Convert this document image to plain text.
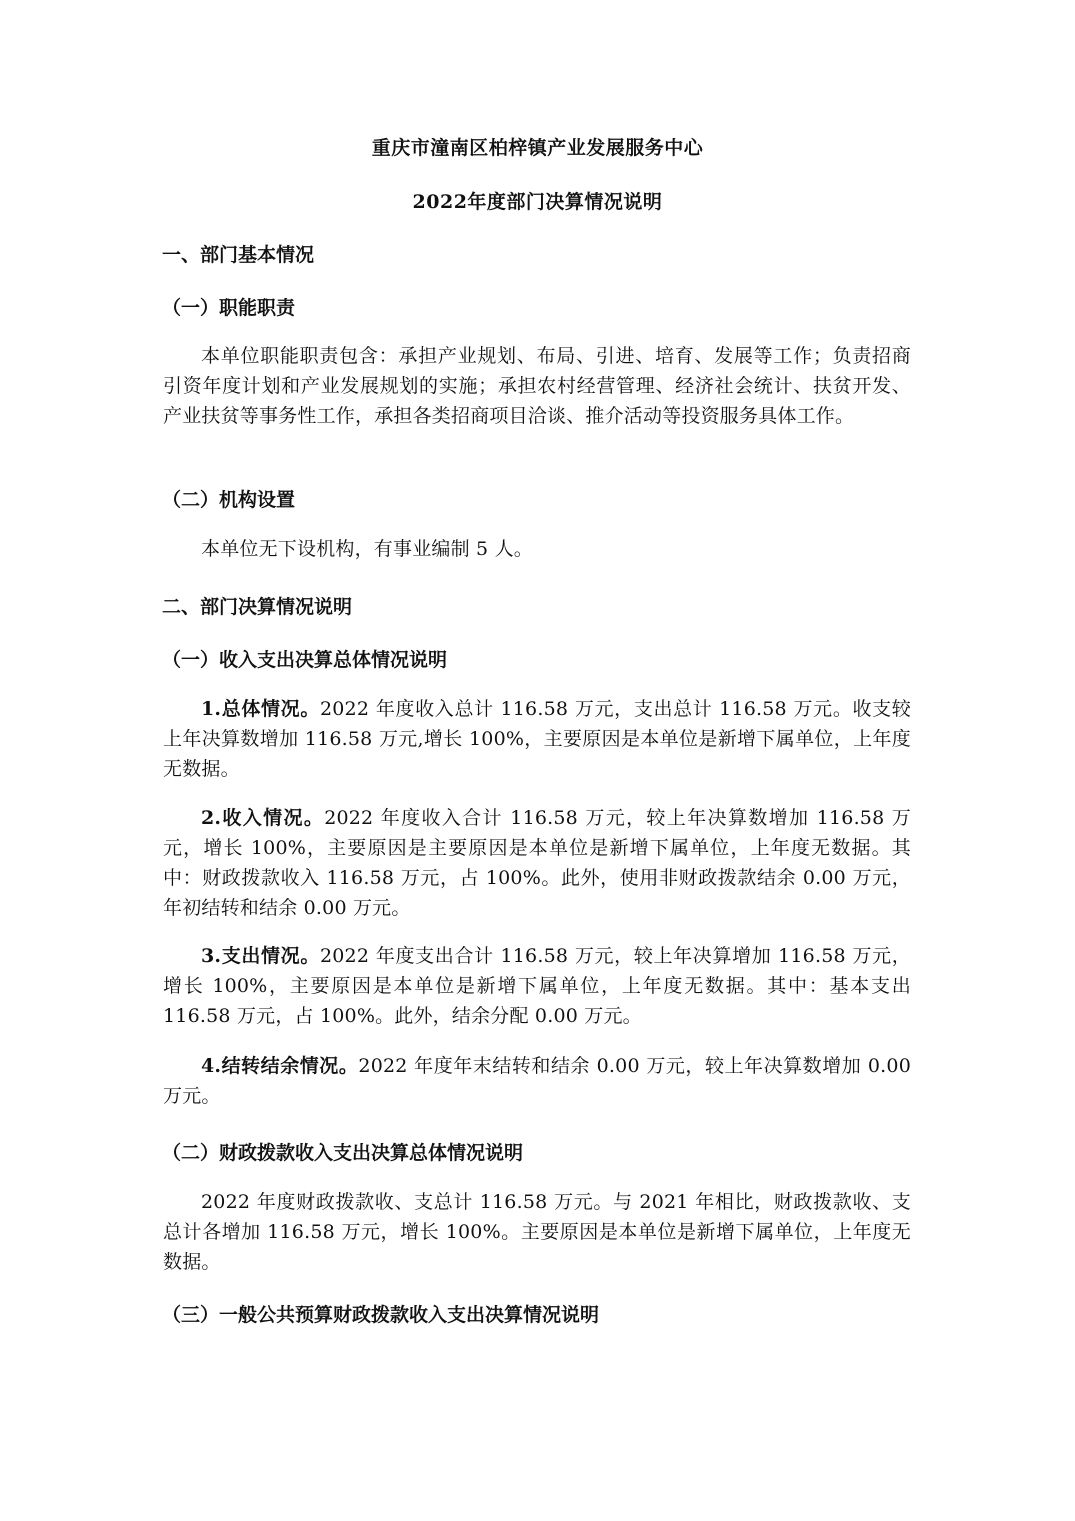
重庆市潼南区柏梓镇产业发展服务中心
2022年度部门决算情况说明
一、部门基本情况
（一）职能职责

本单位职能职责包含：承担产业规划、布局、引进、培育、发展等工作；负责招商引资年度计划和产业发展规划的实施；承担农村经营管理、经济社会统计、扶贫开发、产业扶贫等事务性工作，承担各类招商项目洽谈、推介活动等投资服务具体工作。

（二）机构设置

本单位无下设机构，有事业编制 5 人。

二、部门决算情况说明
（一）收入支出决算总体情况说明

1.总体情况。2022 年度收入总计 116.58 万元，支出总计 116.58 万元。收支较上年决算数增加 116.58 万元,增长 100%，主要原因是本单位是新增下属单位，上年度无数据。

2.收入情况。2022 年度收入合计 116.58 万元，较上年决算数增加 116.58 万元，增长 100%，主要原因是主要原因是本单位是新增下属单位，上年度无数据。其中：财政拨款收入 116.58 万元，占 100%。此外，使用非财政拨款结余 0.00 万元，年初结转和结余 0.00 万元。

3.支出情况。2022 年度支出合计 116.58 万元，较上年决算增加 116.58 万元，增长 100%，主要原因是本单位是新增下属单位，上年度无数据。其中：基本支出 116.58 万元，占 100%。此外，结余分配 0.00 万元。

4.结转结余情况。2022 年度年末结转和结余 0.00 万元，较上年决算数增加 0.00 万元。

（二）财政拨款收入支出决算总体情况说明

2022 年度财政拨款收、支总计 116.58 万元。与 2021 年相比，财政拨款收、支总计各增加 116.58 万元，增长 100%。主要原因是本单位是新增下属单位，上年度无数据。

（三）一般公共预算财政拨款收入支出决算情况说明
